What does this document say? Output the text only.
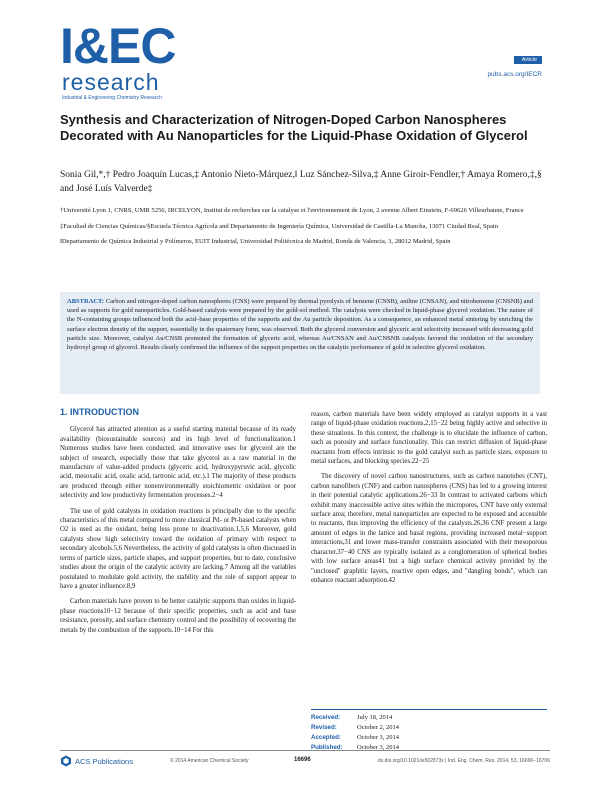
I&EC
research
Industrial & Engineering Chemistry Research
Article
pubs.acs.org/IECR
Synthesis and Characterization of Nitrogen-Doped Carbon Nanospheres Decorated with Au Nanoparticles for the Liquid-Phase Oxidation of Glycerol
Sonia Gil,*,† Pedro Joaquín Lucas,‡ Antonio Nieto-Márquez,‖ Luz Sánchez-Silva,‡ Anne Giroir-Fendler,† Amaya Romero,‡,§ and José Luís Valverde‡

†Université Lyon 1, CNRS, UMR 5256, IRCELYON, Institut de recherches sur la catalyse et l'environnement de Lyon, 2 avenue Albert Einstein, F-69626 Villeurbanne, France

‡Facultad de Ciencias Químicas/§Escuela Técnica Agrícola and Departamento de Ingeniería Química, Universidad de Castilla-La Mancha, 13071 Ciudad Real, Spain

‖Departamento de Química Industrial y Polímeros, EUIT Industrial, Universidad Politécnica de Madrid, Ronda de Valencia, 3, 28012 Madrid, Spain

ABSTRACT: Carbon and nitrogen-doped carbon nanospheres (CNS) were prepared by thermal pyrolysis of benzene (CNSB), aniline (CNSAN), and nitrobenzene (CNSNB) and used as supports for gold nanoparticles. Gold-based catalysts were prepared by the gold-sol method. The catalysts were checked in liquid-phase glycerol oxidation. The nature of the N-containing groups influenced both the acid–base properties of the supports and the Au particle deposition. As a consequence, an enhanced metal sintering by enriching the surface electron density of the support, essentially in the quaternary form, was observed. Both the glycerol conversion and glyceric acid selectivity increased with decreasing gold particle size. Moreover, catalyst Au/CNSB promoted the formation of glyceric acid, whereas Au/CNSAN and Au/CNSNB catalysts favored the oxidation of the secondary hydroxyl group of glycerol. Results clearly confirmed the influence of the support properties on the catalytic performance of gold in selective glycerol oxidation.
1. INTRODUCTION

Glycerol has attracted attention as a useful starting material because of its ready availability (biosustainable sources) and its high level of functionalization.1 Numerous studies have been conducted, and innovative uses for glycerol are the subject of research, especially those that take glycerol as a raw material in the manufacture of value-added products (glyceric acid, hydroxypyruvic acid, glycolic acid, mesoxalic acid, oxalic acid, tartronic acid, etc.).1 The majority of these products are produced through either nonenvironmentally stoichiometric oxidation or poor selectivity and low productivity fermentation processes.2−4

The use of gold catalysts in oxidation reactions is principally due to the specific characteristics of this metal compared to more classical Pd- or Pt-based catalysts when O2 is used as the oxidant, being less prone to deactivation.1,5,6 Moreover, gold catalysts show high selectivity toward the oxidation of primary with respect to secondary alcohols.5,6 Nevertheless, the activity of gold catalysts is often discussed in terms of particle sizes, particle shapes, and support properties, but to date, conclusive studies about the origin of the catalytic activity are lacking.7 Among all the variables postulated to modulate gold activity, the stability and the role of support appear to have a greater influence.8,9

Carbon materials have proven to be better catalytic supports than oxides in liquid-phase reactions10−12 because of their specific properties, such as acid and base resistance, porosity, and surface chemistry control and the possibility of recovering the metals by the combustion of the supports.10−14 For this

reason, carbon materials have been widely employed as catalyst supports in a vast range of liquid-phase oxidation reactions,2,15−22 being highly active and selective in these situations. In this context, the challenge is to elucidate the influence of carbon, such as porosity and surface functionality. This can restrict diffusion of liquid-phase reactants from effects intrinsic to the gold catalyst such as particle sizes, exposure to metal surfaces, and blocking species.22−25

The discovery of novel carbon nanostructures, such as carbon nanotubes (CNT), carbon nanofibers (CNF) and carbon nanospheres (CNS) has led to a growing interest in their potential catalytic applications.26−33 In contrast to activated carbons which exhibit many inaccessible active sites within the micropores, CNT have only external surface area; therefore, metal nanoparticles are expected to be exposed and accessible to reactants, thus improving the efficiency of the catalysts.26,36 CNF present a large amount of edges in the lattice and basal regions, providing increased metal−support interactions,31 and lower mass-transfer constraints associated with their mesoporous character.37−40 CNS are typically isolated as a conglomeration of spherical bodies with low surface areas41 but a high surface chemical activity provided by the "unclosed" graphitic layers, reactive open edges, and "dangling bonds", which can enhance reactant adsorption.42

Received:	July 18, 2014
Revised:	October 2, 2014
Accepted:	October 3, 2014
Published:	October 3, 2014
ACS Publications	© 2014 American Chemical Society	16696	dx.doi.org/10.1021/ie502873x | Ind. Eng. Chem. Res. 2014, 53, 16696−16706
